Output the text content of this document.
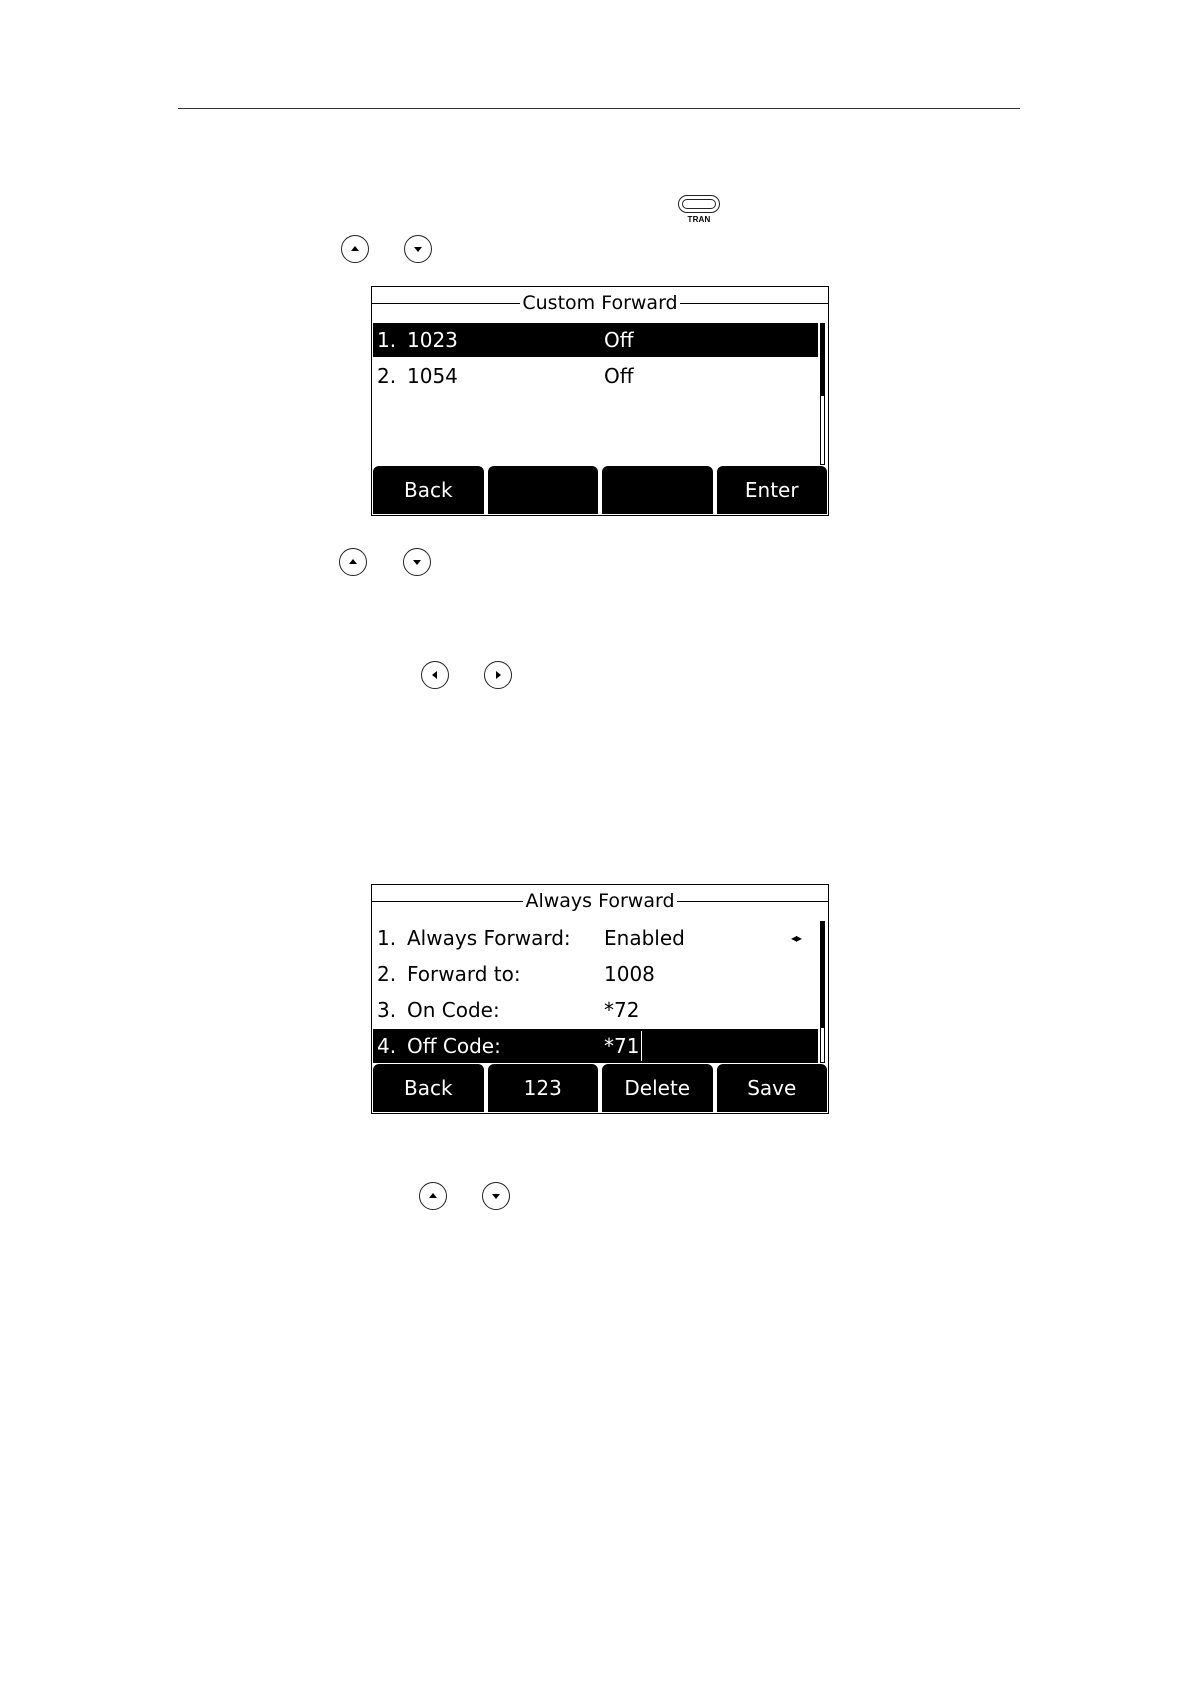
TRAN
Custom Forward
1. 1023	Off
2. 1054	Off
Back	Enter
Always Forward
1. Always Forward: Enabled	◂▸
2. Forward to:	1008
3. On Code:	*72
4. Off Code:	*71
Back	123	Delete	Save
